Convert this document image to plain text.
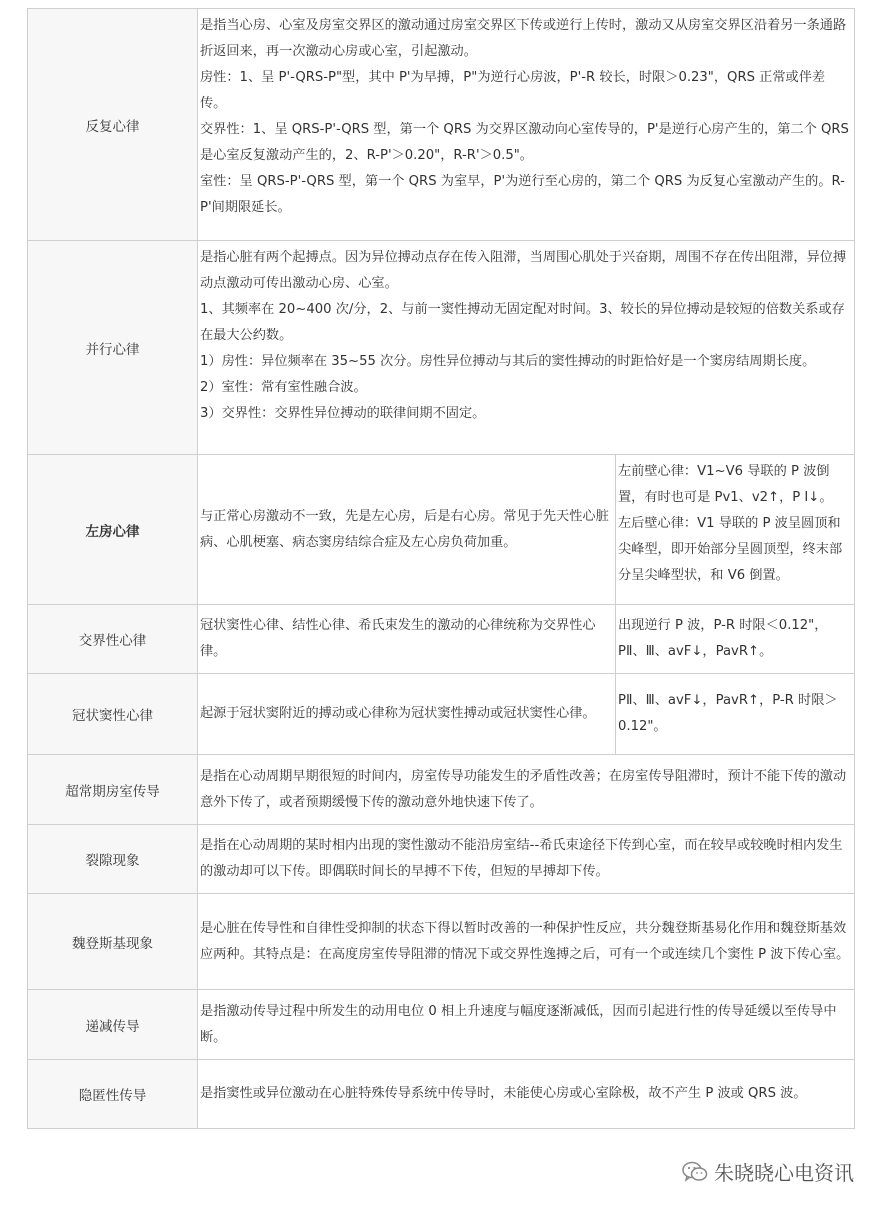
反复心律

是指当心房、心室及房室交界区的激动通过房室交界区下传或逆行上传时，激动又从房室交界区沿着另一条通路折返回来，再一次激动心房或心室，引起激动。

房性：1、呈 P'-QRS-P"型，其中 P'为早搏，P"为逆行心房波，P'-R 较长，时限＞0.23"，QRS 正常或伴差传。

交界性：1、呈 QRS-P'-QRS 型，第一个 QRS 为交界区激动向心室传导的，P'是逆行心房产生的，第二个 QRS 是心室反复激动产生的，2、R-P'＞0.20"，R-R'＞0.5"。

室性：呈 QRS-P'-QRS 型，第一个 QRS 为室早，P'为逆行至心房的，第二个 QRS 为反复心室激动产生的。R-P'间期限延长。

并行心律

是指心脏有两个起搏点。因为异位搏动点存在传入阻滞，当周围心肌处于兴奋期，周围不存在传出阻滞，异位搏动点激动可传出激动心房、心室。

1、其频率在 20~400 次/分，2、与前一窦性搏动无固定配对时间。3、较长的异位搏动是较短的倍数关系或存在最大公约数。

1）房性：异位频率在 35~55 次分。房性异位搏动与其后的窦性搏动的时距恰好是一个窦房结周期长度。

2）室性：常有室性融合波。

3）交界性：交界性异位搏动的联律间期不固定。

左房心律

与正常心房激动不一致，先是左心房，后是右心房。常见于先天性心脏病、心肌梗塞、病态窦房结综合症及左心房负荷加重。

左前壁心律：V1~V6 导联的 P 波倒置，有时也可是 Pv1、v2↑，P I↓。

左后壁心律：V1 导联的 P 波呈圆顶和尖峰型，即开始部分呈圆顶型，终末部分呈尖峰型状，和 V6 倒置。

交界性心律

冠状窦性心律、结性心律、希氏束发生的激动的心律统称为交界性心律。

出现逆行 P 波，P-R 时限＜0.12"，PⅡ、Ⅲ、avF↓，PavR↑。

冠状窦性心律	起源于冠状窦附近的搏动或心律称为冠状窦性搏动或冠状窦性心律。

PⅡ、Ⅲ、avF↓，PavR↑，P-R 时限＞0.12"。

超常期房室传导

是指在心动周期早期很短的时间内，房室传导功能发生的矛盾性改善；在房室传导阻滞时，预计不能下传的激动意外下传了，或者预期缓慢下传的激动意外地快速下传了。

裂隙现象

是指在心动周期的某时相内出现的窦性激动不能沿房室结--希氏束途径下传到心室，而在较早或较晚时相内发生的激动却可以下传。即偶联时间长的早搏不下传，但短的早搏却下传。

魏登斯基现象

是心脏在传导性和自律性受抑制的状态下得以暂时改善的一种保护性反应，共分魏登斯基易化作用和魏登斯基效应两种。其特点是：在高度房室传导阻滞的情况下或交界性逸搏之后，可有一个或连续几个窦性 P 波下传心室。

递减传导

是指激动传导过程中所发生的动用电位 0 相上升速度与幅度逐渐减低，因而引起进行性的传导延缓以至传导中断。

隐匿性传导	是指窦性或异位激动在心脏特殊传导系统中传导时，未能使心房或心室除极，故不产生 P 波或 QRS 波。

朱晓晓心电资讯
